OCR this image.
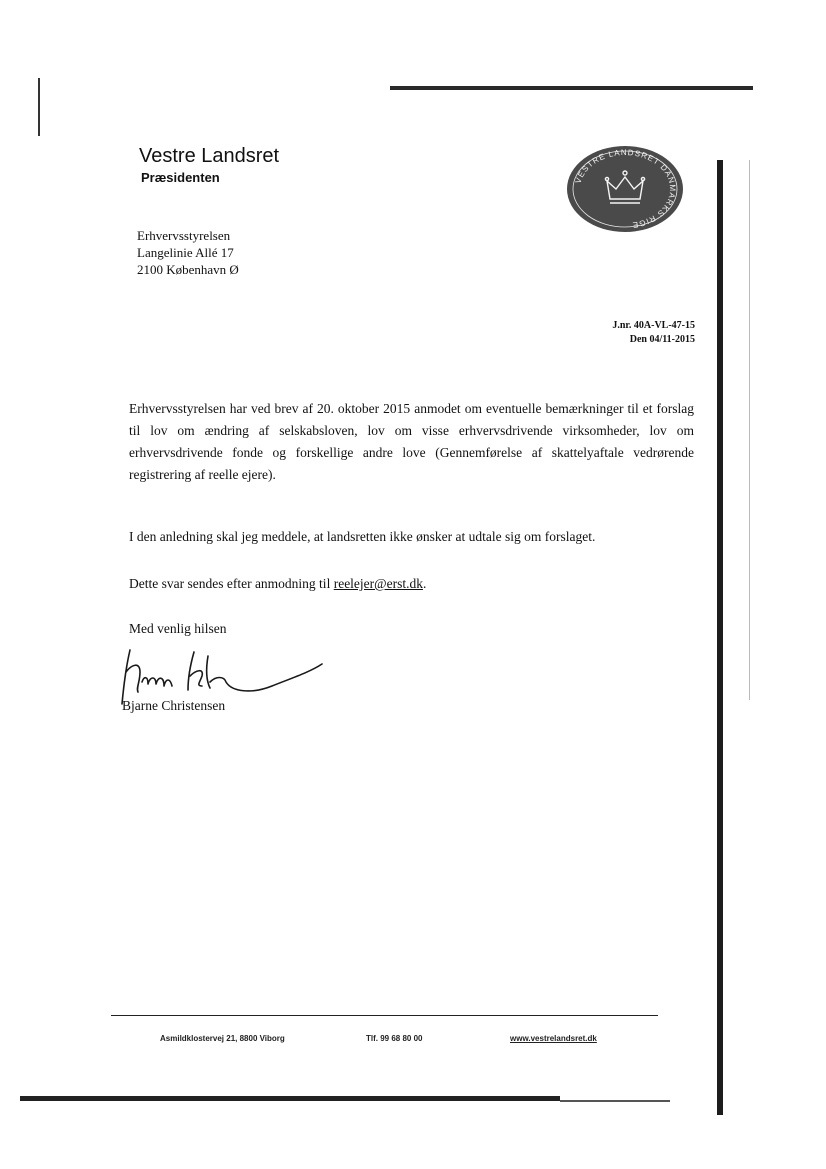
Vestre Landsret
Præsidenten	VESTRE LANDSRET DANMARKS RIGE
Erhvervsstyrelsen
Langelinie Allé 17
2100 København Ø
J.nr. 40A-VL-47-15
Den 04/11-2015
Erhvervsstyrelsen har ved brev af 20. oktober 2015 anmodet om eventuelle bemærkninger til et forslag til lov om ændring af selskabsloven, lov om visse erhvervsdrivende virksomheder, lov om erhvervsdrivende fonde og forskellige andre love (Gennemførelse af skattelyaftale vedrørende registrering af reelle ejere).
I den anledning skal jeg meddele, at landsretten ikke ønsker at udtale sig om forslaget.
Dette svar sendes efter anmodning til reelejer@erst.dk.
Med venlig hilsen
Bjarne Christensen
Asmildklostervej 21, 8800 Viborg	Tlf. 99 68 80 00	www.vestrelandsret.dk
